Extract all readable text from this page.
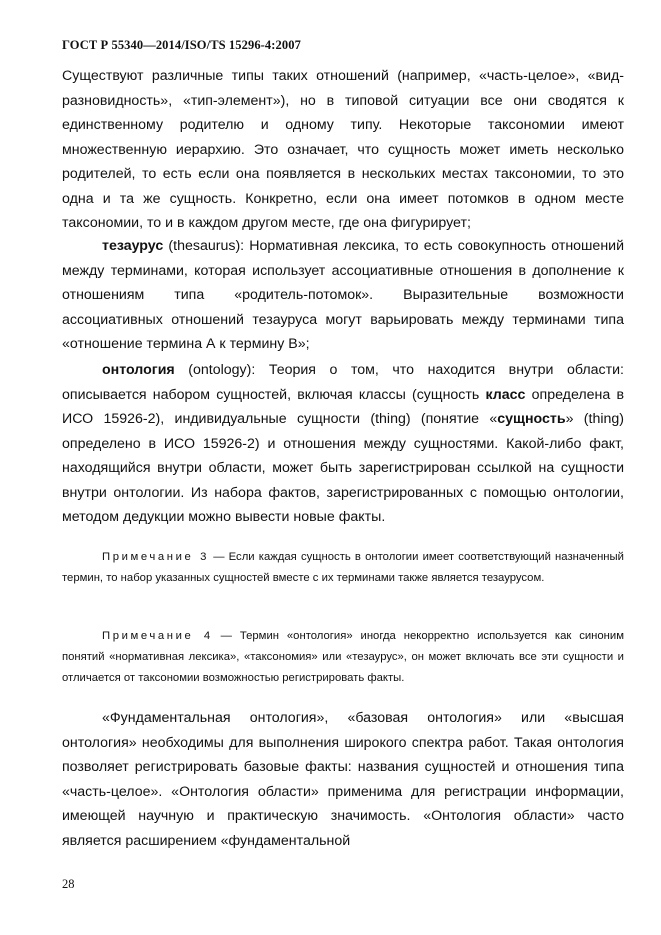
ГОСТ Р 55340—2014/ISO/TS 15296-4:2007

Существуют различные типы таких отношений (например, «часть-целое», «вид-разновидность», «тип-элемент»), но в типовой ситуации все они сводятся к единственному родителю и одному типу. Некоторые таксономии имеют множественную иерархию. Это означает, что сущность может иметь несколько родителей, то есть если она появляется в нескольких местах таксономии, то это одна и та же сущность. Конкретно, если она имеет потомков в одном месте таксономии, то и в каждом другом месте, где она фигурирует;

тезаурус (thesaurus): Нормативная лексика, то есть совокупность отношений между терминами, которая использует ассоциативные отношения в дополнение к отношениям типа «родитель-потомок». Выразительные возможности ассоциативных отношений тезауруса могут варьировать между терминами типа «отношение термина А к термину В»;

онтология (ontology): Теория о том, что находится внутри области: описывается набором сущностей, включая классы (сущность класс определена в ИСО 15926-2), индивидуальные сущности (thing) (понятие «сущность» (thing) определено в ИСО 15926-2) и отношения между сущностями. Какой-либо факт, находящийся внутри области, может быть зарегистрирован ссылкой на сущности внутри онтологии. Из набора фактов, зарегистрированных с помощью онтологии, методом дедукции можно вывести новые факты.

Примечание 3 — Если каждая сущность в онтологии имеет соответствующий назначенный термин, то набор указанных сущностей вместе с их терминами также является тезаурусом.

Примечание 4 — Термин «онтология» иногда некорректно используется как синоним понятий «нормативная лексика», «таксономия» или «тезаурус», он может включать все эти сущности и отличается от таксономии возможностью регистрировать факты.

«Фундаментальная онтология», «базовая онтология» или «высшая онтология» необходимы для выполнения широкого спектра работ. Такая онтология позволяет регистрировать базовые факты: названия сущностей и отношения типа «часть-целое». «Онтология области» применима для регистрации информации, имеющей научную и практическую значимость. «Онтология области» часто является расширением «фундаментальной

28
